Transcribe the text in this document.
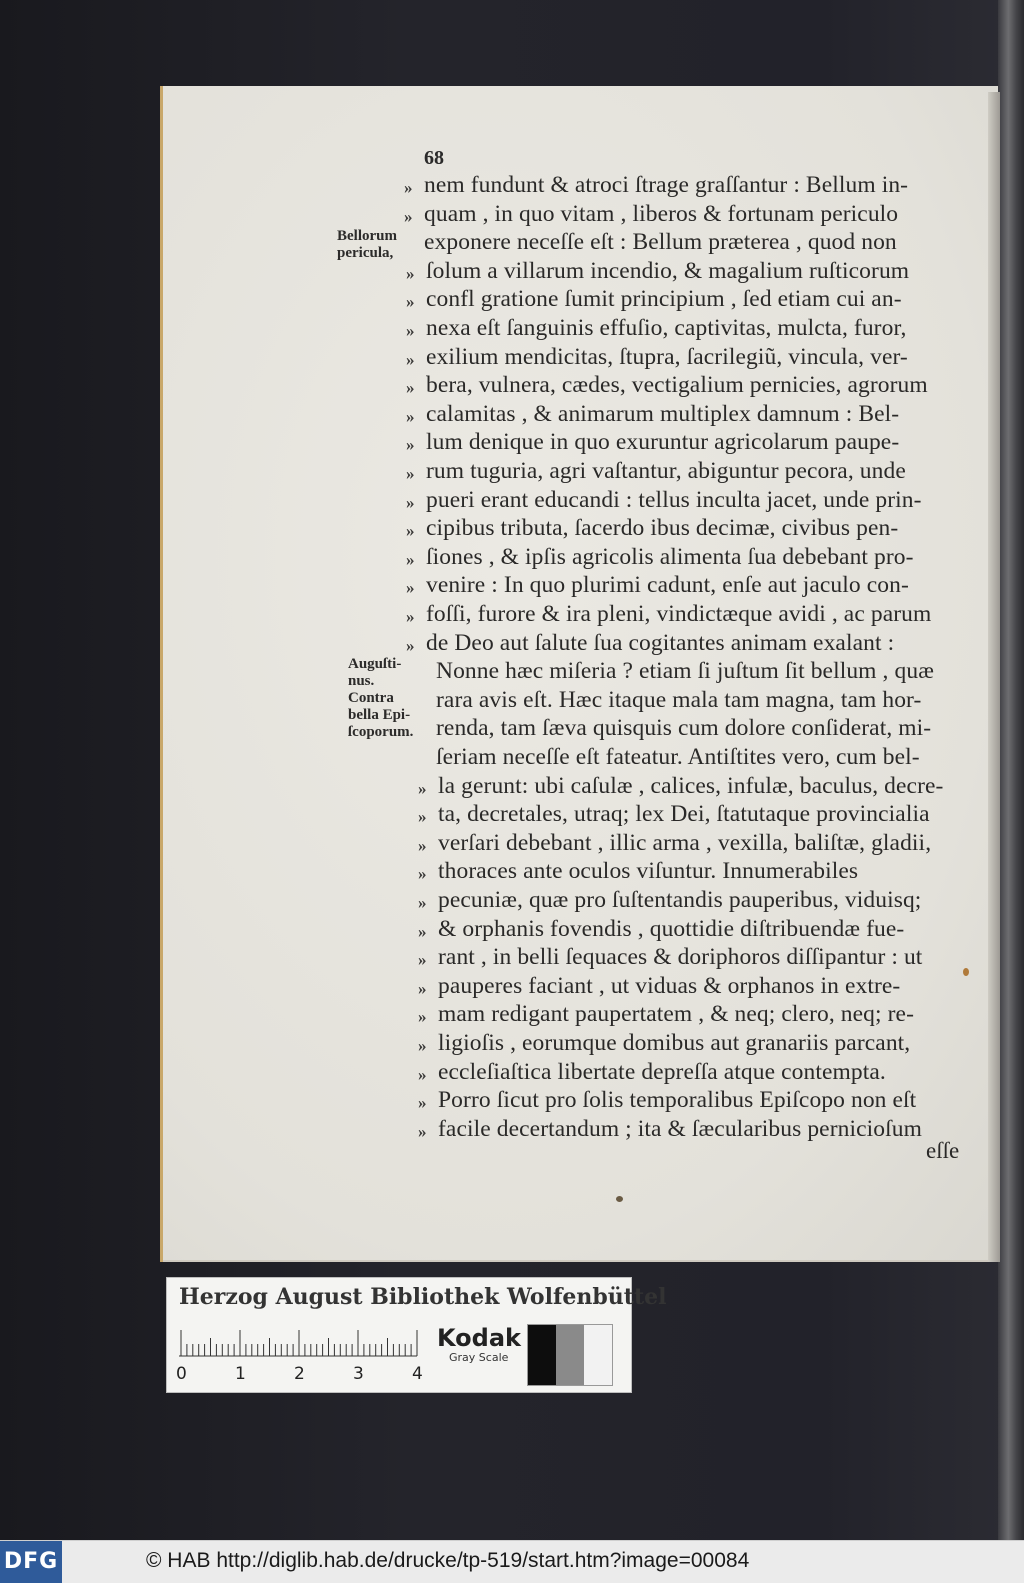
68
nem fundunt & atroci ſtrage graſſantur : Bellum in-
»
quam , in quo vitam , liberos & fortunam periculo
»
exponere neceſſe eſt : Bellum præterea , quod non
ſolum a villarum incendio, & magalium ruſticorum
»
confl gratione ſumit principium , ſed etiam cui an-
»
nexa eſt ſanguinis effuſio, captivitas, mulcta, furor,
»
exilium mendicitas, ſtupra, ſacrilegiũ, vincula, ver-
»
bera, vulnera, cædes, vectigalium pernicies, agrorum
»
calamitas , & animarum multiplex damnum : Bel-
»
lum denique in quo exuruntur agricolarum paupe-
»
rum tuguria, agri vaſtantur, abiguntur pecora, unde
»
pueri erant educandi : tellus inculta jacet, unde prin-
»
cipibus tributa, ſacerdo ibus decimæ, civibus pen-
»
ſiones , & ipſis agricolis alimenta ſua debebant pro-
»
venire : In quo plurimi cadunt, enſe aut jaculo con-
»
foſſi, furore & ira pleni, vindictæque avidi , ac parum
»
de Deo aut ſalute ſua cogitantes animam exalant :
»
Nonne hæc miſeria ? etiam ſi juſtum ſit bellum , quæ
rara avis eſt. Hæc itaque mala tam magna, tam hor-
renda, tam ſæva quisquis cum dolore conſiderat, mi-
ſeriam neceſſe eſt fateatur. Antiſtites vero, cum bel-
la gerunt: ubi caſulæ , calices, infulæ, baculus, decre-
»
ta, decretales, utraq; lex Dei, ſtatutaque provincialia
»
verſari debebant , illic arma , vexilla, baliſtæ, gladii,
»
thoraces ante oculos viſuntur. Innumerabiles
»
pecuniæ, quæ pro ſuſtentandis pauperibus, viduisq;
»
& orphanis fovendis , quottidie diſtribuendæ fue-
»
rant , in belli ſequaces & doriphoros diſſipantur : ut
»
pauperes faciant , ut viduas & orphanos in extre-
»
mam redigant paupertatem , & neq; clero, neq; re-
»
ligioſis , eorumque domibus aut granariis parcant,
»
eccleſiaſtica libertate depreſſa atque contempta.
»
Porro ſicut pro ſolis temporalibus Epiſcopo non eſt
»
facile decertandum ; ita & ſæcularibus pernicioſum
»
Bellorum
pericula,
Auguſti-
nus.
Contra
bella Epi-
ſcoporum.
eſſe
Herzog August Bibliothek Wolfenbüttel
0	1	2	3	4
Kodak
Gray Scale
DFG	© HAB http://diglib.hab.de/drucke/tp-519/start.htm?image=00084
